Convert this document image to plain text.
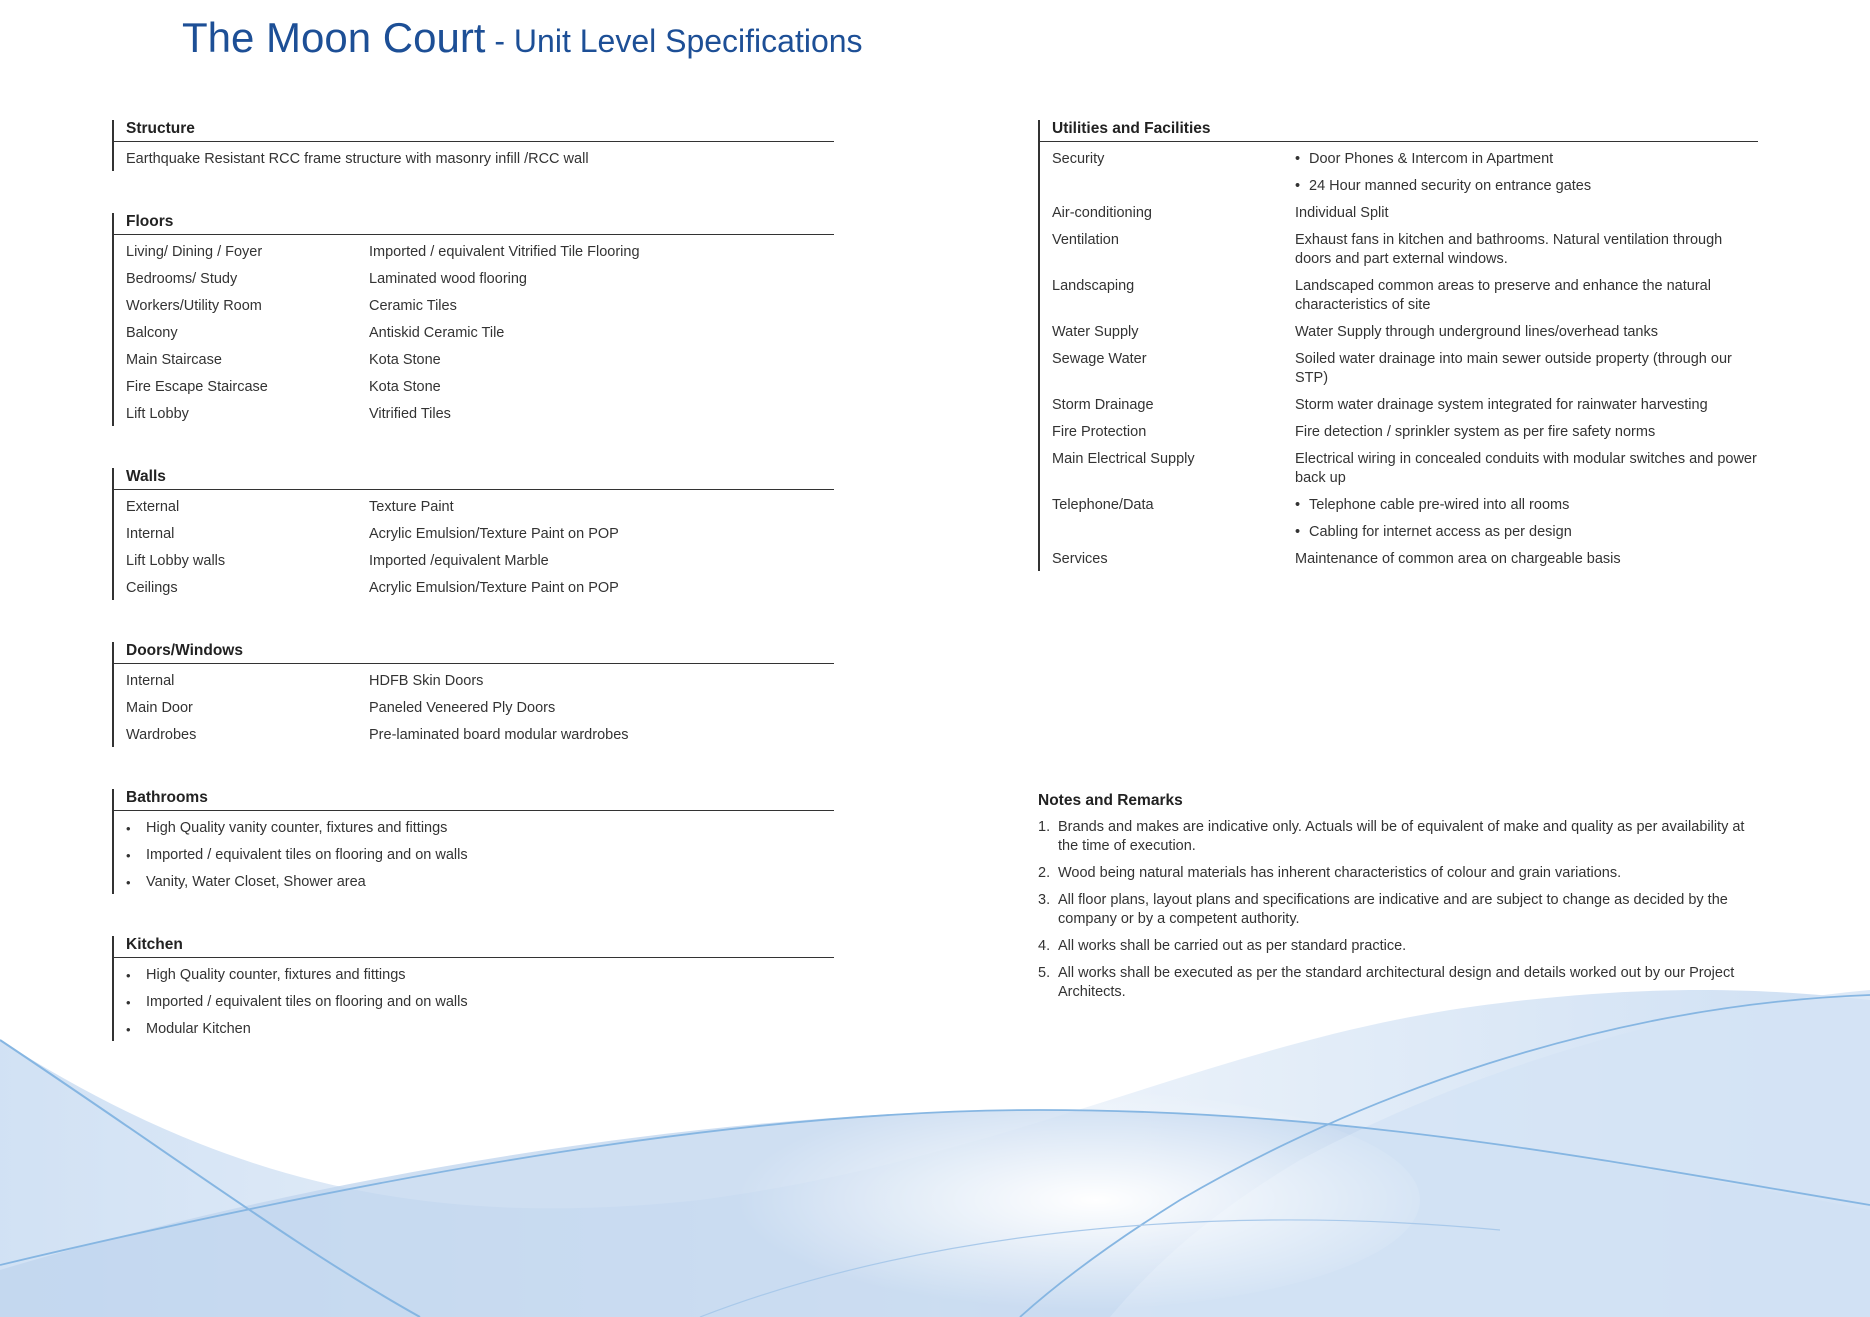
The Moon Court - Unit Level Specifications
Structure
Earthquake Resistant RCC frame structure with masonry infill /RCC wall
Floors
Living/ Dining / Foyer	Imported / equivalent Vitrified Tile Flooring
Bedrooms/ Study	Laminated wood flooring
Workers/Utility Room	Ceramic Tiles
Balcony	Antiskid Ceramic Tile
Main Staircase	Kota Stone
Fire Escape Staircase	Kota Stone
Lift Lobby	Vitrified Tiles
Walls
External	Texture Paint
Internal	Acrylic Emulsion/Texture Paint on POP
Lift Lobby walls	Imported /equivalent Marble
Ceilings	Acrylic Emulsion/Texture Paint on POP
Doors/Windows
Internal	HDFB Skin Doors
Main Door	Paneled Veneered Ply Doors
Wardrobes	Pre-laminated board modular wardrobes
Bathrooms
•	High Quality vanity counter, fixtures and fittings
•	Imported / equivalent tiles on flooring and on walls
•	Vanity, Water Closet, Shower area
Kitchen
•	High Quality counter, fixtures and fittings
•	Imported / equivalent tiles on flooring and on walls
•	Modular Kitchen
Utilities and Facilities
Security	• Door Phones & Intercom in Apartment
• 24 Hour manned security on entrance gates
Air-conditioning	Individual Split
Ventilation	Exhaust fans in kitchen and bathrooms. Natural ventilation through doors and part external windows.
Landscaping	Landscaped common areas to preserve and enhance the natural characteristics of site
Water Supply	Water Supply through underground lines/overhead tanks
Sewage Water	Soiled water drainage into main sewer outside property (through our STP)
Storm Drainage	Storm water drainage system integrated for rainwater harvesting
Fire Protection	Fire detection / sprinkler system as per fire safety norms
Main Electrical Supply	Electrical wiring in concealed conduits with modular switches and power back up
Telephone/Data	• Telephone cable pre-wired into all rooms
• Cabling for internet access as per design
Services	Maintenance of common area on chargeable basis
Notes and Remarks
1. Brands and makes are indicative only. Actuals will be of equivalent of make and quality as per availability at the time of execution.
2. Wood being natural materials has inherent characteristics of colour and grain variations.
3. All floor plans, layout plans and specifications are indicative and are subject to change as decided by the company or by a competent authority.
4. All works shall be carried out as per standard practice.
5. All works shall be executed as per the standard architectural design and details worked out by our Project Architects.
